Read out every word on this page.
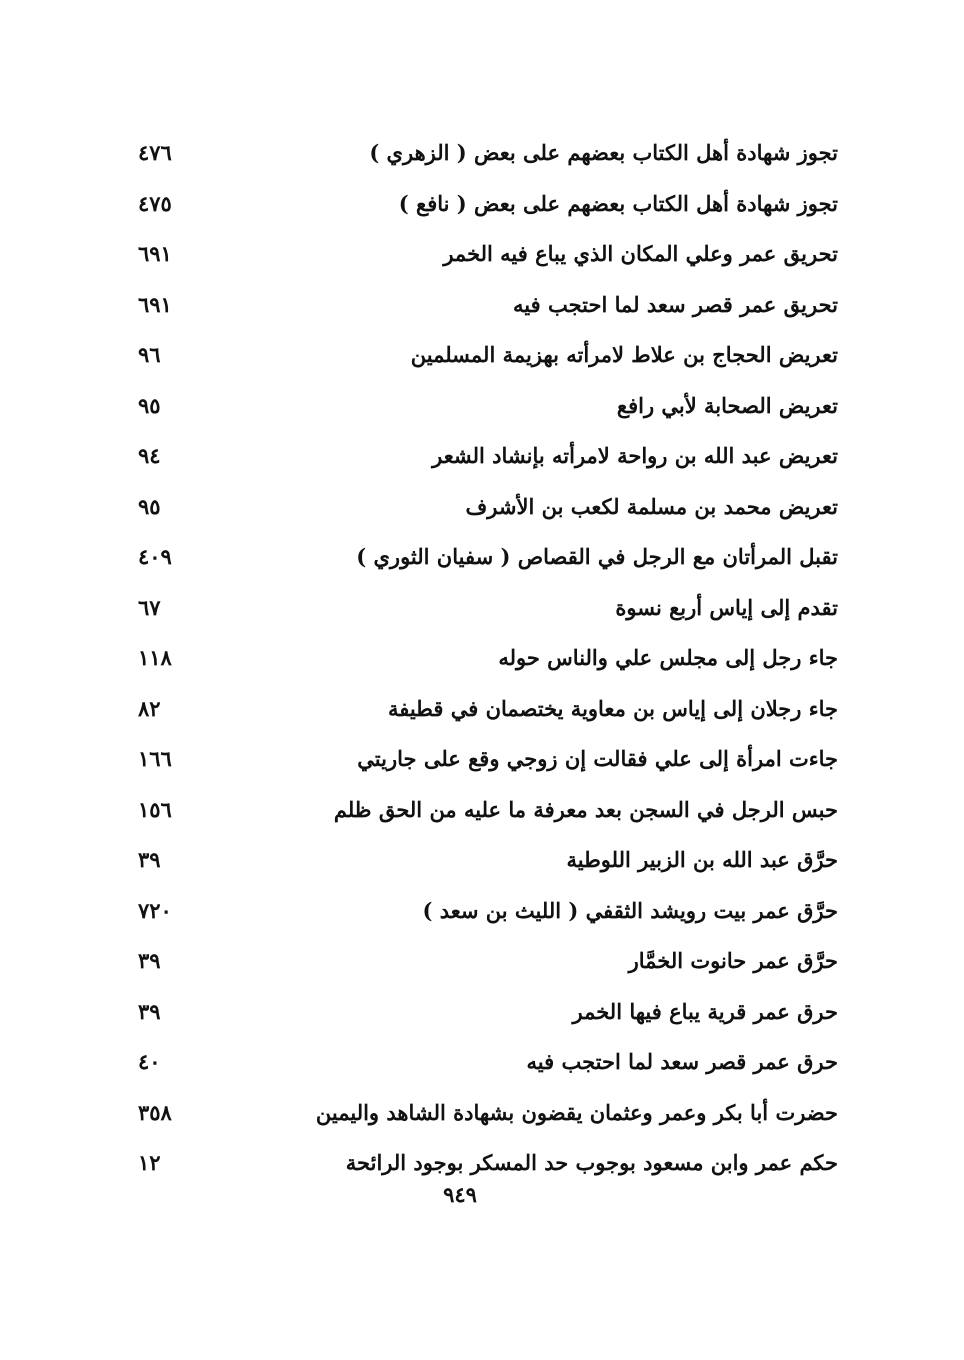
تجوز شهادة أهل الكتاب بعضهم على بعض ( الزهري )
٤٧٦
تجوز شهادة أهل الكتاب بعضهم على بعض ( نافع )
٤٧٥
تحريق عمر وعلي المكان الذي يباع فيه الخمر
٦٩١
تحريق عمر قصر سعد لما احتجب فيه
٦٩١
تعريض الحجاج بن علاط لامرأته بهزيمة المسلمين
٩٦
تعريض الصحابة لأبي رافع
٩٥
تعريض عبد الله بن رواحة لامرأته بإنشاد الشعر
٩٤
تعريض محمد بن مسلمة لكعب بن الأشرف
٩٥
تقبل المرأتان مع الرجل في القصاص ( سفيان الثوري )
٤٠٩
تقدم إلى إياس أربع نسوة
٦٧
جاء رجل إلى مجلس علي والناس حوله
١١٨
جاء رجلان إلى إياس بن معاوية يختصمان في قطيفة
٨٢
جاءت امرأة إلى علي فقالت إن زوجي وقع على جاريتي
١٦٦
حبس الرجل في السجن بعد معرفة ما عليه من الحق ظلم
١٥٦
حرَّق عبد الله بن الزبير اللوطية
٣٩
حرَّق عمر بيت رويشد الثقفي ( الليث بن سعد )
٧٢٠
حرَّق عمر حانوت الخمَّار
٣٩
حرق عمر قرية يباع فيها الخمر
٣٩
حرق عمر قصر سعد لما احتجب فيه
٤٠
حضرت أبا بكر وعمر وعثمان يقضون بشهادة الشاهد واليمين
٣٥٨
حكم عمر وابن مسعود بوجوب حد المسكر بوجود الرائحة
١٢
٩٤٩
